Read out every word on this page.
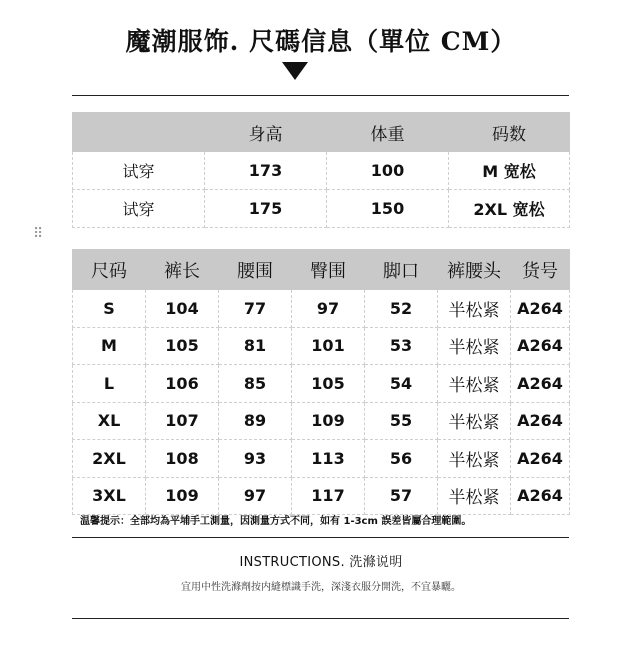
魔潮服饰. 尺碼信息（單位 CM）
⠿
	身高	体重	码数
试穿	173	100	M 宽松
试穿	175	150	2XL 宽松
尺码	裤长	腰围	臀围	脚口	裤腰头	货号
S	104	77	97	52	半松紧	A264
M	105	81	101	53	半松紧	A264
L	106	85	105	54	半松紧	A264
XL	107	89	109	55	半松紧	A264
2XL	108	93	113	56	半松紧	A264
3XL	109	97	117	57	半松紧	A264
温馨提示：全部均為平埔手工測量，因測量方式不同，如有 1-3cm 誤差皆屬合理範圍。
INSTRUCTIONS. 洗滌说明
宜用中性洗滌劑按内縫標識手洗，深淺衣服分開洗，不宜暴曬。
